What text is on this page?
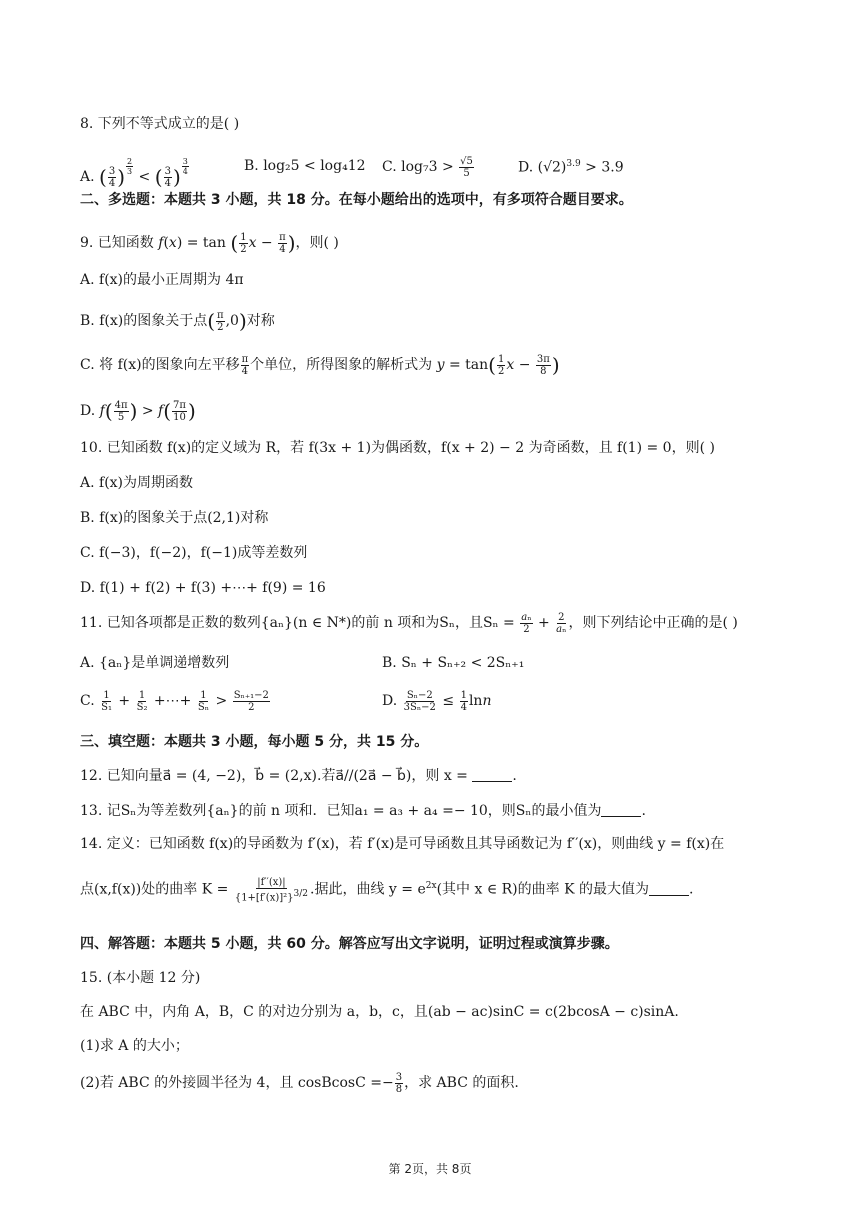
8. 下列不等式成立的是( )
A. ( $\frac{3}{4}$ ) $^{\frac{2}{3}}$
< ( $\frac{3}{4}$ ) $^{\frac{3}{4}}$	B. log₂5 < log₄12 C. $\log_73 > \frac{√5}{5}$	D. $(√2)^{3.9} > 3.9$
二、多选题：本题共 3 小题，共 18 分。在每小题给出的选项中，有多项符合题目要求。
9. 已知函数 f(x) = tan ( $\frac{1}{2}$ $x - \frac{\pi}{4}$ )，则( )
A. f(x)的最小正周期为 4π
B. f(x)的图象关于点( $\frac{\pi}{2} ,0$)对称
C. 将 f(x)的图象向左平移 $\frac{\pi}{4}$ 个单位，所得图象的解析式为 $y = \tan( \frac{1}{2}$ $x - \frac{3\pi}{8}$ )
D. $f( \frac{4\pi}{5}$ ) > $f( \frac{7\pi}{10}$ )
10. 已知函数 f(x)的定义域为 R，若 f(3x + 1)为偶函数，f(x + 2) − 2 为奇函数，且 f(1) = 0，则( )
A. f(x)为周期函数
B. f(x)的图象关于点(2,1)对称
C. f(−3)，f(−2)，f(−1)成等差数列
D. f(1) + f(2) + f(3) +⋯+ f(9) = 16
11. 已知各项都是正数的数列{aₙ}(n ∈ N*)的前 n 项和为Sₙ，且$S_n = \frac{\text{aₙ}}{2} + \frac{2}{\text{aₙ}}$ ，则下列结论中正确的是( )
A. {aₙ}是单调递增数列	B. Sₙ + Sₙ₊₂ < 2Sₙ₊₁
C. $\frac{1}{\text{S₁}} + \frac{1}{\text{S₂}}$ +⋯+ $\frac{1}{\text{Sₙ}} > \frac{\text{Sₙ₊₁−2}}{2}$	D. $\frac{\text{Sₙ−2}}{\text{3Sₙ−2}} \le \frac{1}{4}$ lnn
三、填空题：本题共 3 小题，每小题 5 分，共 15 分。
12. 已知向量a⃗ = (4, −2)，b⃗ = (2,x).若a⃗//(2a⃗ − b⃗)，则 x =	.
13. 记Sₙ为等差数列{aₙ}的前 n 项和．已知a₁ = a₃ + a₄ =− 10，则Sₙ的最小值为	.
14. 定义：已知函数 f(x)的导函数为 f′(x)，若 f′(x)是可导函数且其导函数记为 f′′(x)，则曲线 y = f(x)在
点(x,f(x))处的曲率 $K = \frac{|f''(x)|}{\{1+[f'(x)]^2\}^{3/2}}$ .据此，曲线 $y = e^{2x}$(其中 x ∈ R)的曲率 K 的最大值为	.
四、解答题：本题共 5 小题，共 60 分。解答应写出文字说明，证明过程或演算步骤。
15. (本小题 12 分)
在 ABC 中，内角 A，B，C 的对边分别为 a，b，c，且(ab − ac)sinC = c(2bcosA − c)sinA.
(1)求 A 的大小；
(2)若 ABC 的外接圆半径为 4，且 cosBcosC =− $\frac{3}{8}$ ，求 ABC 的面积.
第 2页，共 8页
